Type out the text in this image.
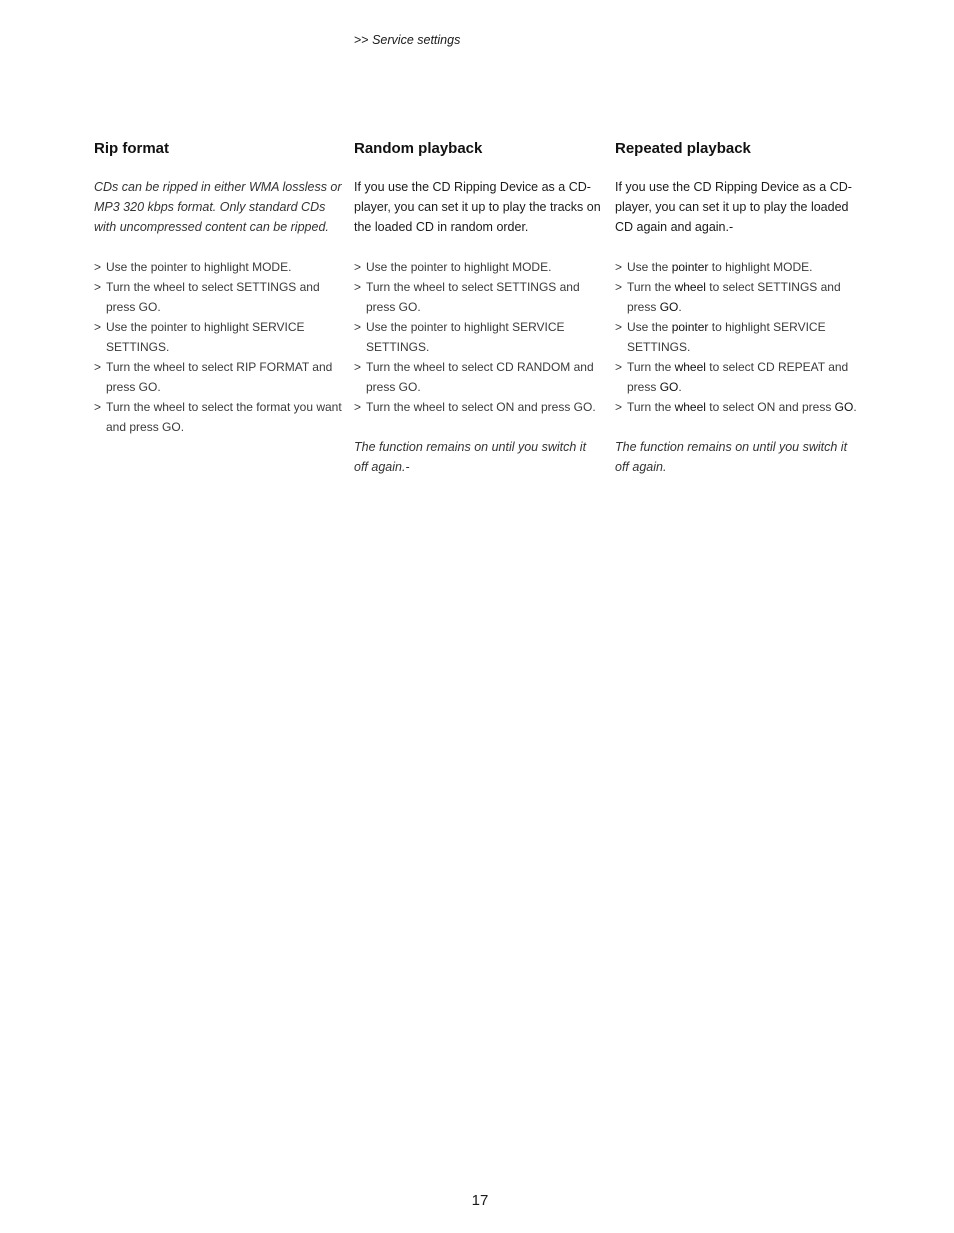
>> Service settings
Rip format

CDs can be ripped in either WMA lossless or MP3 320 kbps format. Only standard CDs with uncompressed content can be ripped.

> Use the pointer to highlight MODE.
> Turn the wheel to select SETTINGS and press GO.
> Use the pointer to highlight SERVICE SETTINGS.
> Turn the wheel to select RIP FORMAT and press GO.
> Turn the wheel to select the format you want and press GO.
Random playback

If you use the CD Ripping Device as a CD-player, you can set it up to play the tracks on the loaded CD in random order.

> Use the pointer to highlight MODE.
> Turn the wheel to select SETTINGS and press GO.
> Use the pointer to highlight SERVICE SETTINGS.
> Turn the wheel to select CD RANDOM and press GO.
> Turn the wheel to select ON and press GO.

The function remains on until you switch it off again.-

Repeated playback

If you use the CD Ripping Device as a CD-player, you can set it up to play the loaded CD again and again.-

> Use the pointer to highlight MODE.
> Turn the wheel to select SETTINGS and press GO.
> Use the pointer to highlight SERVICE SETTINGS.
> Turn the wheel to select CD REPEAT and press GO.
> Turn the wheel to select ON and press GO.

The function remains on until you switch it off again.

17
